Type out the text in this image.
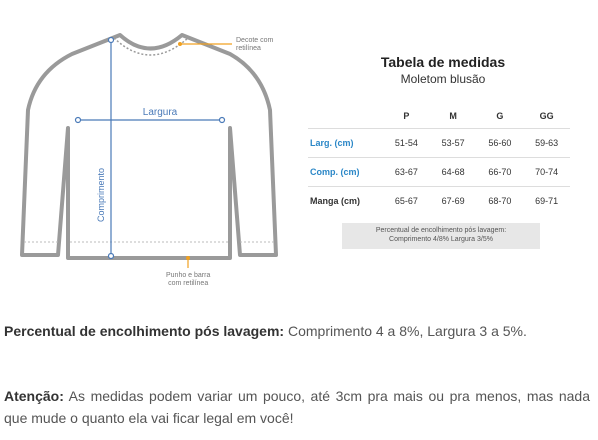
Largura
Comprimento
Decote com
retilínea
Punho e barra
com retilínea
Tabela de medidas
Moletom blusão
	P	M	G	GG
Larg. (cm)	51-54	53-57	56-60	59-63
Comp. (cm)	63-67	64-68	66-70	70-74
Manga (cm)	65-67	67-69	68-70	69-71
Percentual de encolhimento pós lavagem:
Comprimento 4/8% Largura 3/5%

Percentual de encolhimento pós lavagem: Comprimento 4 a 8%, Largura 3 a 5%.

Atenção: As medidas podem variar um pouco, até 3cm pra mais ou pra menos, mas nada que mude o quanto ela vai ficar legal em você!
